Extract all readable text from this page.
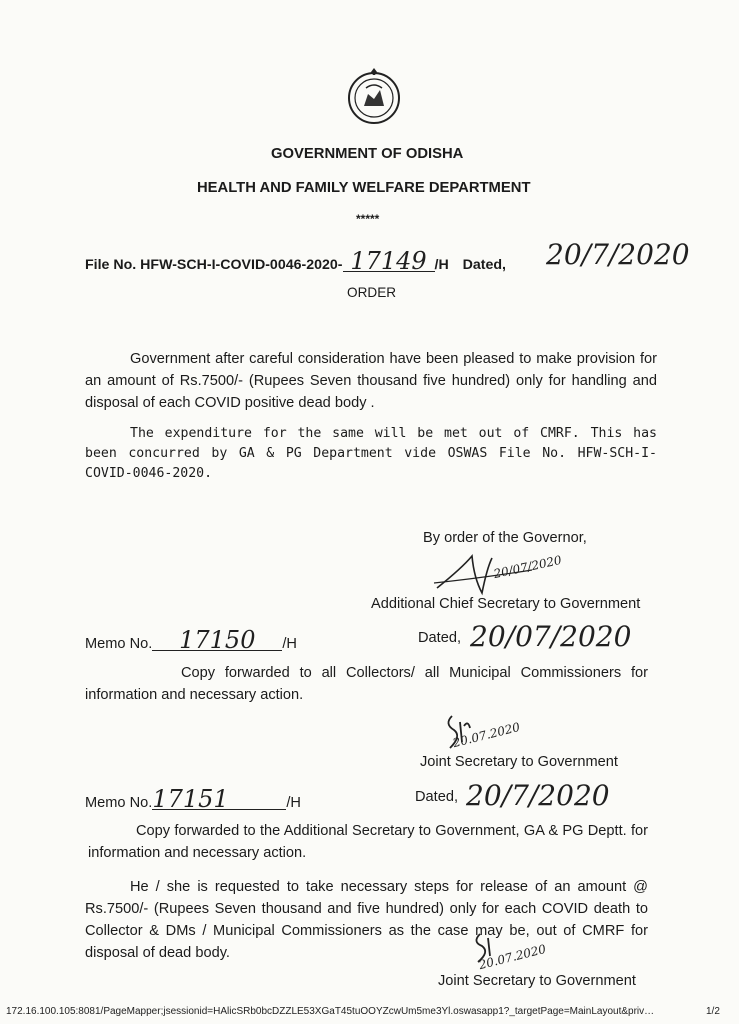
GOVERNMENT OF ODISHA
HEALTH AND FAMILY WELFARE DEPARTMENT
*****
File No. HFW-SCH-I-COVID-0046-2020- 17149 /H Dated, 20/7/2020
ORDER
Government after careful consideration have been pleased to make provision for an amount of Rs.7500/- (Rupees Seven thousand five hundred) only for handling and disposal of each COVID positive dead body .
The expenditure for the same will be met out of CMRF. This has been concurred by GA & PG Department vide OSWAS File No. HFW-SCH-I-COVID-0046-2020.
By order of the Governor,
20/07/2020
Additional Chief Secretary to Government
Memo No. 17150 /H	Dated, 20/07/2020
Copy forwarded to all Collectors/ all Municipal Commissioners for information and necessary action.
20.07.2020
Joint Secretary to Government
Memo No.17151	/H	Dated, 20/7/2020
Copy forwarded to the Additional Secretary to Government, GA & PG Deptt. for information and necessary action.
He / she is requested to take necessary steps for release of an amount @ Rs.7500/- (Rupees Seven thousand and five hundred) only for each COVID death to Collector & DMs / Municipal Commissioners as the case may be, out of CMRF for disposal of dead body.	20.07.2020
Joint Secretary to Government
172.16.100.105:8081/PageMapper;jsessionid=HAlicSRb0bcDZZLE53XGaT45tuOOYZcwUm5me3Yl.oswasapp1?_targetPage=MainLayout&priv…	1/2
